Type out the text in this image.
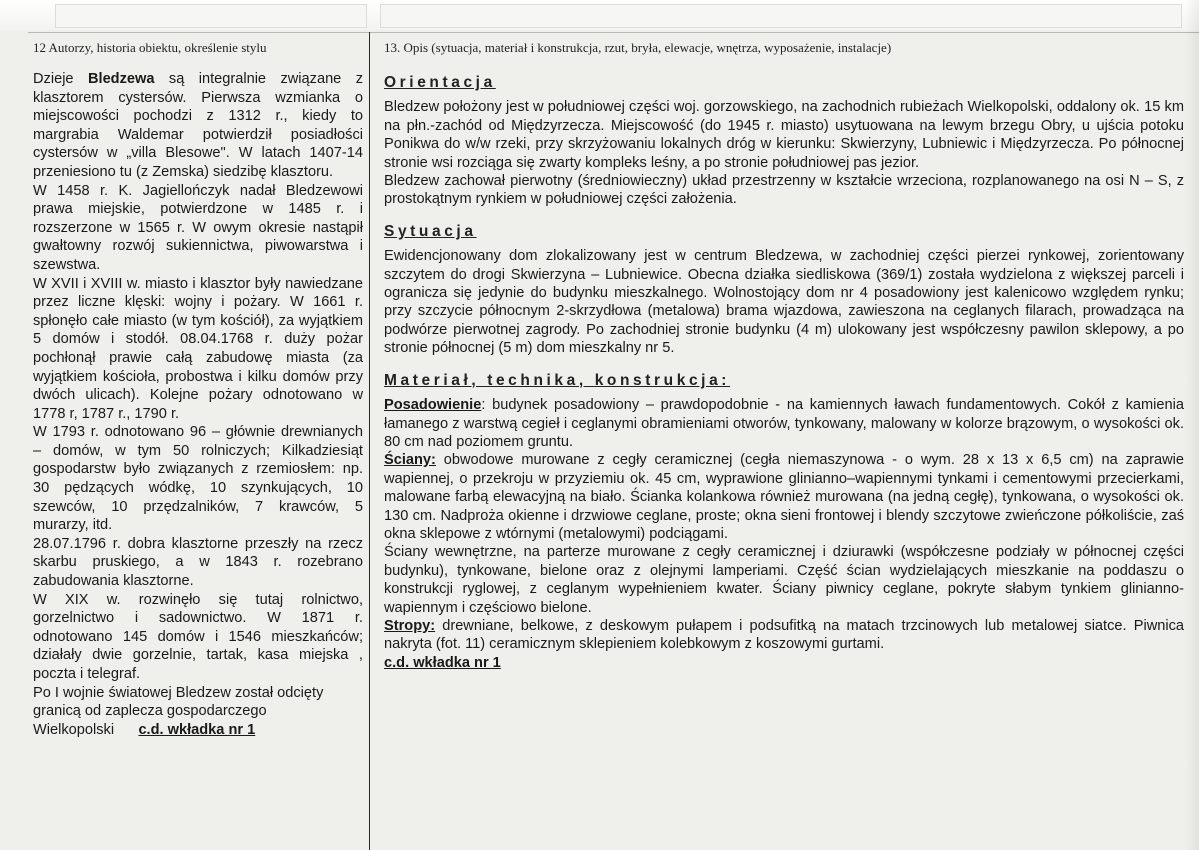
12 Autorzy, historia obiektu, określenie stylu	13. Opis (sytuacja, materiał i konstrukcja, rzut, bryła, elewacje, wnętrza, wyposażenie, instalacje)

Dzieje Bledzewa są integralnie związane z klasztorem cystersów. Pierwsza wzmianka o miejscowości pochodzi z 1312 r., kiedy to margrabia Waldemar potwierdził posiadłości cystersów w „villa Blesowe". W latach 1407-14 przeniesiono tu (z Zemska) siedzibę klasztoru.

W 1458 r. K. Jagiellończyk nadał Bledzewowi prawa miejskie, potwierdzone w 1485 r. i rozszerzone w 1565 r. W owym okresie nastąpił gwałtowny rozwój sukiennictwa, piwowarstwa i szewstwa.

W XVII i XVIII w. miasto i klasztor były nawiedzane przez liczne klęski: wojny i pożary. W 1661 r. spłonęło całe miasto (w tym kościół), za wyjątkiem 5 domów i stodół. 08.04.1768 r. duży pożar pochłonął prawie całą zabudowę miasta (za wyjątkiem kościoła, probostwa i kilku domów przy dwóch ulicach). Kolejne pożary odnotowano w 1778 r, 1787 r., 1790 r.

W 1793 r. odnotowano 96 – głównie drewnianych – domów, w tym 50 rolniczych; Kilkadziesiąt gospodarstw było związanych z rzemiosłem: np. 30 pędzących wódkę, 10 szynkujących, 10 szewców, 10 przędzalników, 7 krawców, 5 murarzy, itd.

28.07.1796 r. dobra klasztorne przeszły na rzecz skarbu pruskiego, a w 1843 r. rozebrano zabudowania klasztorne.

W XIX w. rozwinęło się tutaj rolnictwo, gorzelnictwo i sadownictwo. W 1871 r. odnotowano 145 domów i 1546 mieszkańców; działały dwie gorzelnie, tartak, kasa miejska , poczta i telegraf.

Po I wojnie światowej Bledzew został odcięty granicą od zaplecza gospodarczego Wielkopolski c.d. wkładka nr 1

Orientacja

Bledzew położony jest w południowej części woj. gorzowskiego, na zachodnich rubieżach Wielkopolski, oddalony ok. 15 km na płn.-zachód od Międzyrzecza. Miejscowość (do 1945 r. miasto) usytuowana na lewym brzegu Obry, u ujścia potoku Ponikwa do w/w rzeki, przy skrzyżowaniu lokalnych dróg w kierunku: Skwierzyny, Lubniewic i Międzyrzecza. Po północnej stronie wsi rozciąga się zwarty kompleks leśny, a po stronie południowej pas jezior.

Bledzew zachował pierwotny (średniowieczny) układ przestrzenny w kształcie wrzeciona, rozplanowanego na osi N – S, z prostokątnym rynkiem w południowej części założenia.

Sytuacja

Ewidencjonowany dom zlokalizowany jest w centrum Bledzewa, w zachodniej części pierzei rynkowej, zorientowany szczytem do drogi Skwierzyna – Lubniewice. Obecna działka siedliskowa (369/1) została wydzielona z większej parceli i ogranicza się jedynie do budynku mieszkalnego. Wolnostojący dom nr 4 posadowiony jest kalenicowo względem rynku; przy szczycie północnym 2-skrzydłowa (metalowa) brama wjazdowa, zawieszona na ceglanych filarach, prowadząca na podwórze pierwotnej zagrody. Po zachodniej stronie budynku (4 m) ulokowany jest współczesny pawilon sklepowy, a po stronie północnej (5 m) dom mieszkalny nr 5.

Materiał, technika, konstrukcja:

Posadowienie: budynek posadowiony – prawdopodobnie - na kamiennych ławach fundamentowych. Cokół z kamienia łamanego z warstwą cegieł i ceglanymi obramieniami otworów, tynkowany, malowany w kolorze brązowym, o wysokości ok. 80 cm nad poziomem gruntu.

Ściany: obwodowe murowane z cegły ceramicznej (cegła niemaszynowa - o wym. 28 x 13 x 6,5 cm) na zaprawie wapiennej, o przekroju w przyziemiu ok. 45 cm, wyprawione glinianno–wapiennymi tynkami i cementowymi przecierkami, malowane farbą elewacyjną na biało. Ścianka kolankowa również murowana (na jedną cegłę), tynkowana, o wysokości ok. 130 cm. Nadproża okienne i drzwiowe ceglane, proste; okna sieni frontowej i blendy szczytowe zwieńczone półkoliście, zaś okna sklepowe z wtórnymi (metalowymi) podciągami.

Ściany wewnętrzne, na parterze murowane z cegły ceramicznej i dziurawki (współczesne podziały w północnej części budynku), tynkowane, bielone oraz z olejnymi lamperiami. Część ścian wydzielających mieszkanie na poddaszu o konstrukcji ryglowej, z ceglanym wypełnieniem kwater. Ściany piwnicy ceglane, pokryte słabym tynkiem glinianno-wapiennym i częściowo bielone.

Stropy: drewniane, belkowe, z deskowym pułapem i podsufitką na matach trzcinowych lub metalowej siatce. Piwnica nakryta (fot. 11) ceramicznym sklepieniem kolebkowym z koszowymi gurtami.

c.d. wkładka nr 1
